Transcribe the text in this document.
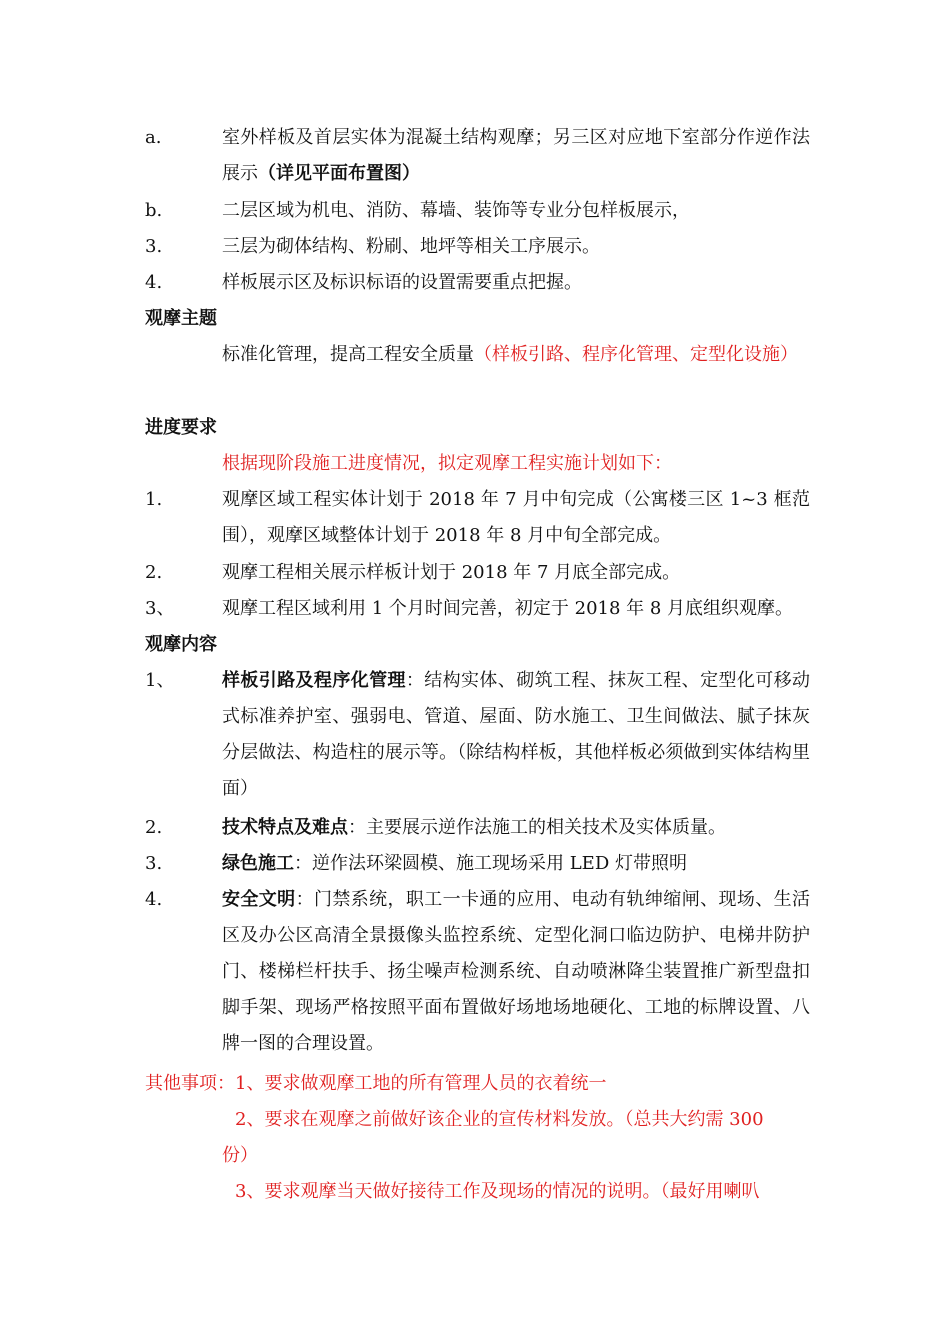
a.	室外样板及首层实体为混凝土结构观摩；另三区对应地下室部分作逆作法展示（详见平面布置图）
b.	二层区域为机电、消防、幕墙、装饰等专业分包样板展示，
3.	三层为砌体结构、粉刷、地坪等相关工序展示。
4.	样板展示区及标识标语的设置需要重点把握。
观摩主题
标准化管理，提高工程安全质量（样板引路、程序化管理、定型化设施）
进度要求
根据现阶段施工进度情况，拟定观摩工程实施计划如下：
1.	观摩区域工程实体计划于 2018 年 7 月中旬完成（公寓楼三区 1~3 框范围），观摩区域整体计划于 2018 年 8 月中旬全部完成。
2.	观摩工程相关展示样板计划于 2018 年 7 月底全部完成。
3、	观摩工程区域利用 1 个月时间完善，初定于 2018 年 8 月底组织观摩。
观摩内容
1、	样板引路及程序化管理：结构实体、砌筑工程、抹灰工程、定型化可移动式标准养护室、强弱电、管道、屋面、防水施工、卫生间做法、腻子抹灰分层做法、构造柱的展示等。（除结构样板，其他样板必须做到实体结构里面）
2.	技术特点及难点：主要展示逆作法施工的相关技术及实体质量。
3.	绿色施工：逆作法环梁圆模、施工现场采用 LED 灯带照明
4.	安全文明：门禁系统，职工一卡通的应用、电动有轨绅缩闸、现场、生活区及办公区高清全景摄像头监控系统、定型化洞口临边防护、电梯井防护门、楼梯栏杆扶手、扬尘噪声检测系统、自动喷淋降尘装置推广新型盘扣脚手架、现场严格按照平面布置做好场地场地硬化、工地的标牌设置、八牌一图的合理设置。
其他事项：1、要求做观摩工地的所有管理人员的衣着统一
2、要求在观摩之前做好该企业的宣传材料发放。（总共大约需 300
份）
3、要求观摩当天做好接待工作及现场的情况的说明。（最好用喇叭
